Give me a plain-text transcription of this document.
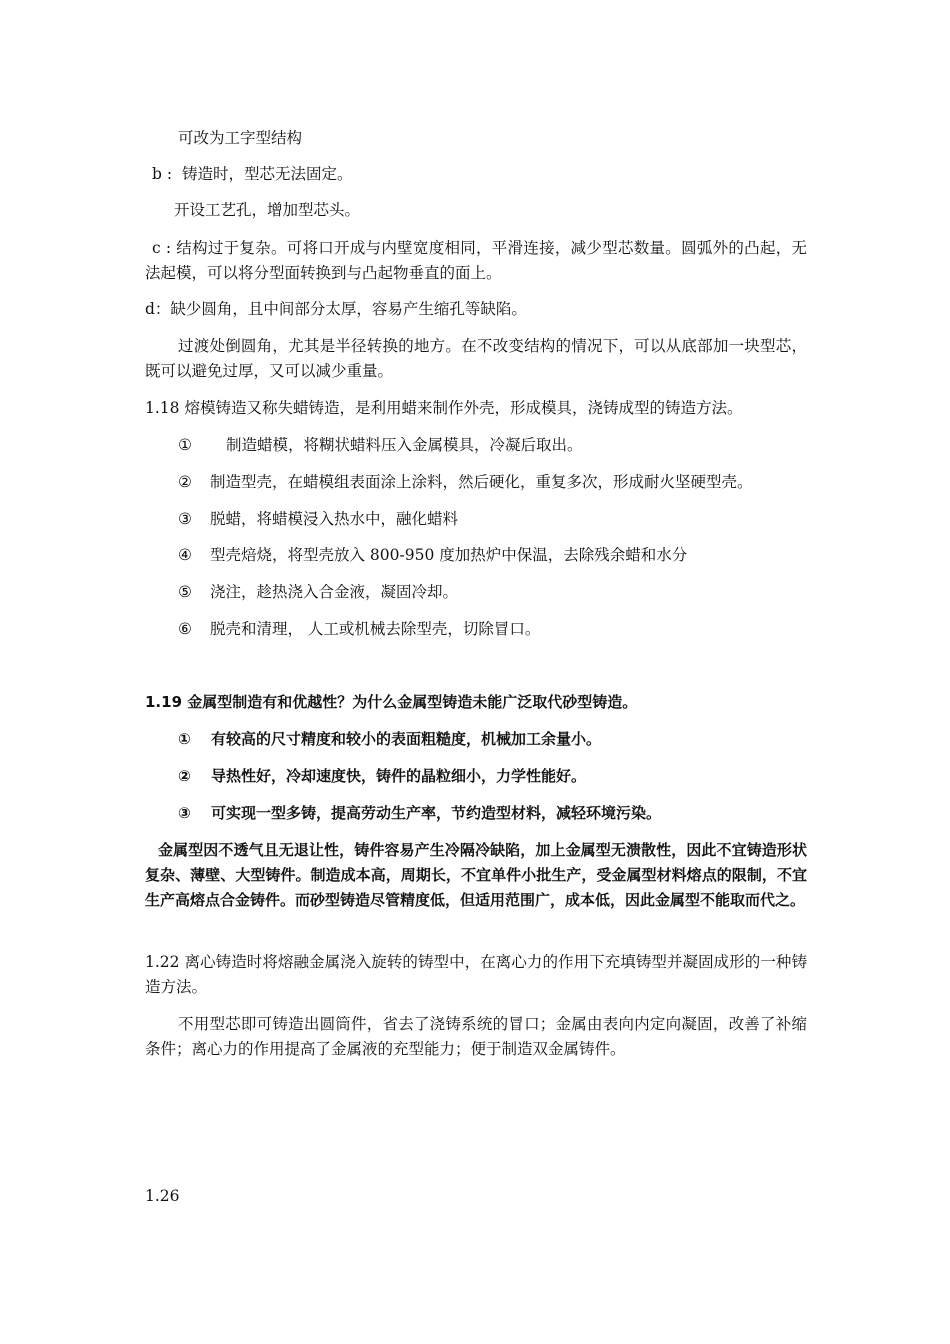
可改为工字型结构
b : 铸造时，型芯无法固定。
开设工艺孔，增加型芯头。
c : 结构过于复杂。可将口开成与内壁宽度相同，平滑连接，减少型芯数量。圆弧外的凸起，无法起模，可以将分型面转换到与凸起物垂直的面上。
d：缺少圆角，且中间部分太厚，容易产生缩孔等缺陷。
过渡处倒圆角，尤其是半径转换的地方。在不改变结构的情况下，可以从底部加一块型芯，既可以避免过厚，又可以减少重量。
1.18 熔模铸造又称失蜡铸造，是利用蜡来制作外壳，形成模具，浇铸成型的铸造方法。
① 制造蜡模，将糊状蜡料压入金属模具，冷凝后取出。
② 制造型壳，在蜡模组表面涂上涂料，然后硬化，重复多次，形成耐火坚硬型壳。
③ 脱蜡，将蜡模浸入热水中，融化蜡料
④ 型壳焙烧，将型壳放入 800-950 度加热炉中保温，去除残余蜡和水分
⑤ 浇注，趁热浇入合金液，凝固冷却。
⑥ 脱壳和清理， 人工或机械去除型壳，切除冒口。
1.19 金属型制造有和优越性？为什么金属型铸造未能广泛取代砂型铸造。
① 有较高的尺寸精度和较小的表面粗糙度，机械加工余量小。
② 导热性好，冷却速度快，铸件的晶粒细小，力学性能好。
③ 可实现一型多铸，提高劳动生产率，节约造型材料，减轻环境污染。
金属型因不透气且无退让性，铸件容易产生冷隔冷缺陷，加上金属型无溃散性，因此不宜铸造形状复杂、薄壁、大型铸件。制造成本高，周期长，不宜单件小批生产，受金属型材料熔点的限制，不宜生产高熔点合金铸件。而砂型铸造尽管精度低，但适用范围广，成本低，因此金属型不能取而代之。
1.22 离心铸造时将熔融金属浇入旋转的铸型中，在离心力的作用下充填铸型并凝固成形的一种铸造方法。
不用型芯即可铸造出圆筒件，省去了浇铸系统的冒口；金属由表向内定向凝固，改善了补缩条件；离心力的作用提高了金属液的充型能力；便于制造双金属铸件。
1.26
